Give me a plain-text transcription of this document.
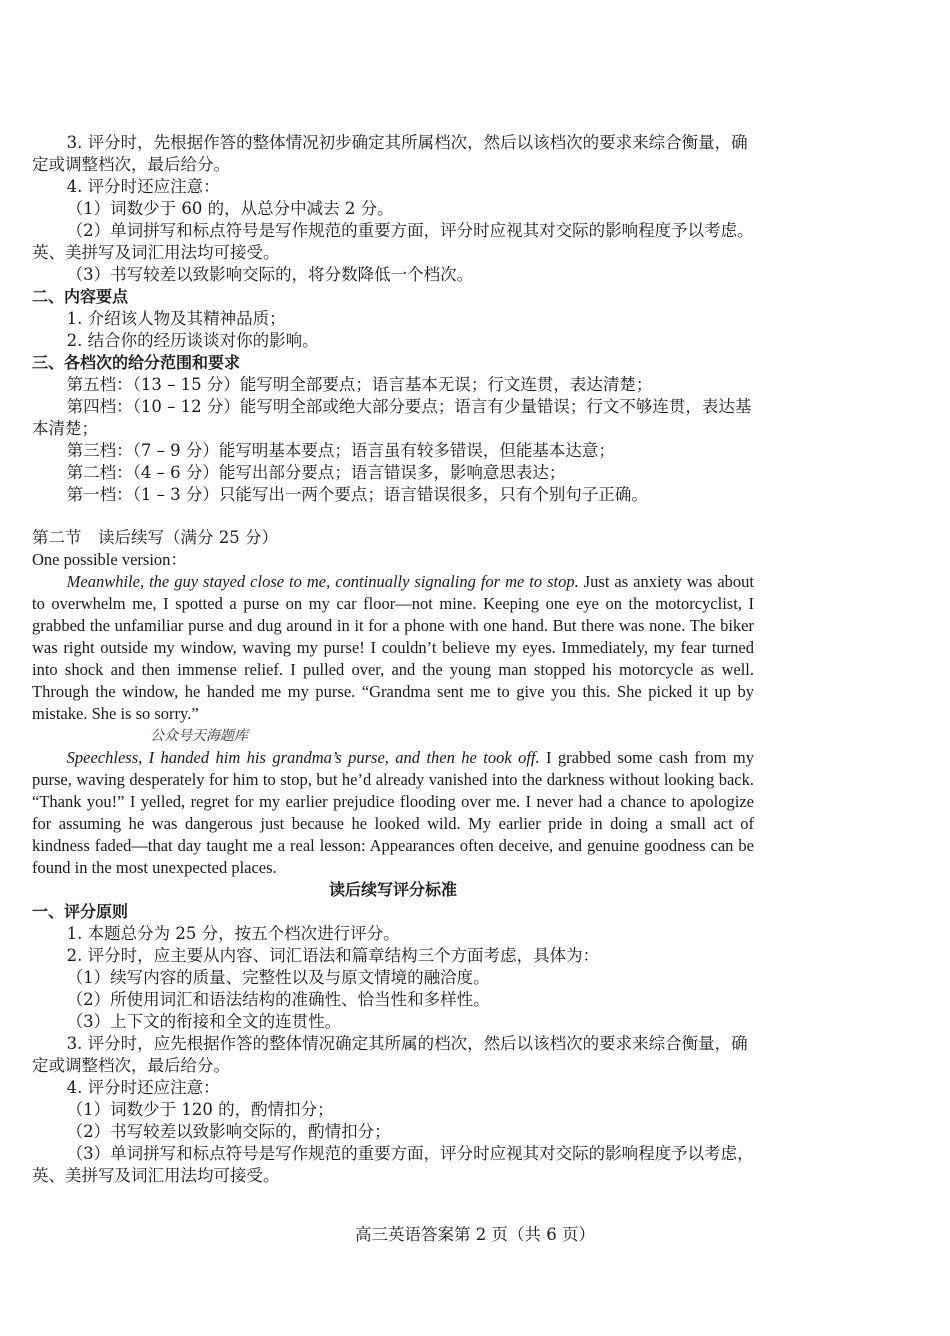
3. 评分时，先根据作答的整体情况初步确定其所属档次，然后以该档次的要求来综合衡量，确定或调整档次，最后给分。

4. 评分时还应注意：

（1）词数少于 60 的，从总分中减去 2 分。

（2）单词拼写和标点符号是写作规范的重要方面，评分时应视其对交际的影响程度予以考虑。英、美拼写及词汇用法均可接受。

（3）书写较差以致影响交际的，将分数降低一个档次。

二、内容要点

1. 介绍该人物及其精神品质；

2. 结合你的经历谈谈对你的影响。

三、各档次的给分范围和要求

第五档：（13 – 15 分）能写明全部要点；语言基本无误；行文连贯，表达清楚；

第四档：（10 – 12 分）能写明全部或绝大部分要点；语言有少量错误；行文不够连贯，表达基本清楚；

第三档：（7 – 9 分）能写明基本要点；语言虽有较多错误，但能基本达意；

第二档：（4 – 6 分）能写出部分要点；语言错误多，影响意思表达；

第一档：（1 – 3 分）只能写出一两个要点；语言错误很多，只有个别句子正确。

第二节　读后续写（满分 25 分）

One possible version：

Meanwhile, the guy stayed close to me, continually signaling for me to stop. Just as anxiety was about to overwhelm me, I spotted a purse on my car floor—not mine. Keeping one eye on the motorcyclist, I grabbed the unfamiliar purse and dug around in it for a phone with one hand. But there was none. The biker was right outside my window, waving my purse! I couldn’t believe my eyes. Immediately, my fear turned into shock and then immense relief. I pulled over, and the young man stopped his motorcycle as well. Through the window, he handed me my purse. “Grandma sent me to give you this. She picked it up by mistake. She is so sorry.”

公众号天海题库

Speechless, I handed him his grandma’s purse, and then he took off. I grabbed some cash from my purse, waving desperately for him to stop, but he’d already vanished into the darkness without looking back. “Thank you!” I yelled, regret for my earlier prejudice flooding over me. I never had a chance to apologize for assuming he was dangerous just because he looked wild. My earlier pride in doing a small act of kindness faded—that day taught me a real lesson: Appearances often deceive, and genuine goodness can be found in the most unexpected places.

读后续写评分标准

一、评分原则

1. 本题总分为 25 分，按五个档次进行评分。

2. 评分时，应主要从内容、词汇语法和篇章结构三个方面考虑，具体为：

（1）续写内容的质量、完整性以及与原文情境的融洽度。

（2）所使用词汇和语法结构的准确性、恰当性和多样性。

（3）上下文的衔接和全文的连贯性。

3. 评分时，应先根据作答的整体情况确定其所属的档次，然后以该档次的要求来综合衡量，确定或调整档次，最后给分。

4. 评分时还应注意：

（1）词数少于 120 的，酌情扣分；

（2）书写较差以致影响交际的，酌情扣分；

（3）单词拼写和标点符号是写作规范的重要方面，评分时应视其对交际的影响程度予以考虑，英、美拼写及词汇用法均可接受。

高三英语答案第 2 页（共 6 页）
